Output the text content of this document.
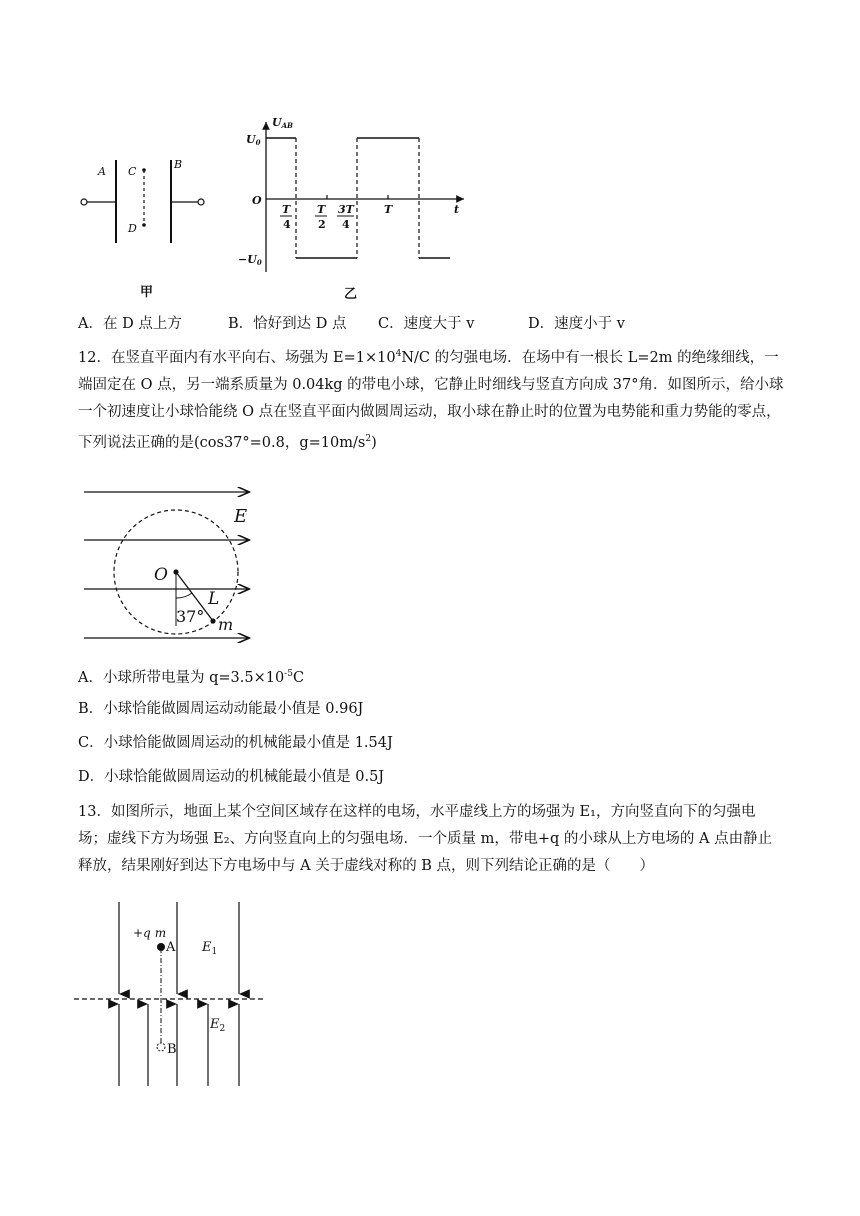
A
B
C
D
甲
UAB
U0
−U0
O
t
T
4
T
2
3T
4
T
乙
A．在 D 点上方	B．恰好到达 D 点 C．速度大于 v	D．速度小于 v
12．在竖直平面内有水平向右、场强为 $E=1\times 10^4N/C$ 的匀强电场．在场中有一根长 L=2m 的绝缘细线，一端固定在 O 点，另一端系质量为 0.04kg 的带电小球，它静止时细线与竖直方向成 37°角．如图所示，给小球一个初速度让小球恰能绕 O 点在竖直平面内做圆周运动，取小球在静止时的位置为电势能和重力势能的零点，下列说法正确的是(cos37°=0.8，$g=10m/s^2$)
E
O
L
37° m
A．小球所带电量为 $q=3.5\times 10^{-5}C$
B．小球恰能做圆周运动动能最小值是 0.96J
C．小球恰能做圆周运动的机械能最小值是 1.54J
D．小球恰能做圆周运动的机械能最小值是 0.5J
13．如图所示，地面上某个空间区域存在这样的电场，水平虚线上方的场强为 E₁，方向竖直向下的匀强电场；虚线下方为场强 E₂、方向竖直向上的匀强电场．一个质量 m，带电+q 的小球从上方电场的 A 点由静止释放，结果刚好到达下方电场中与 A 关于虚线对称的 B 点，则下列结论正确的是（　　）
+q m
A
B
$E_1$
$E_2$
